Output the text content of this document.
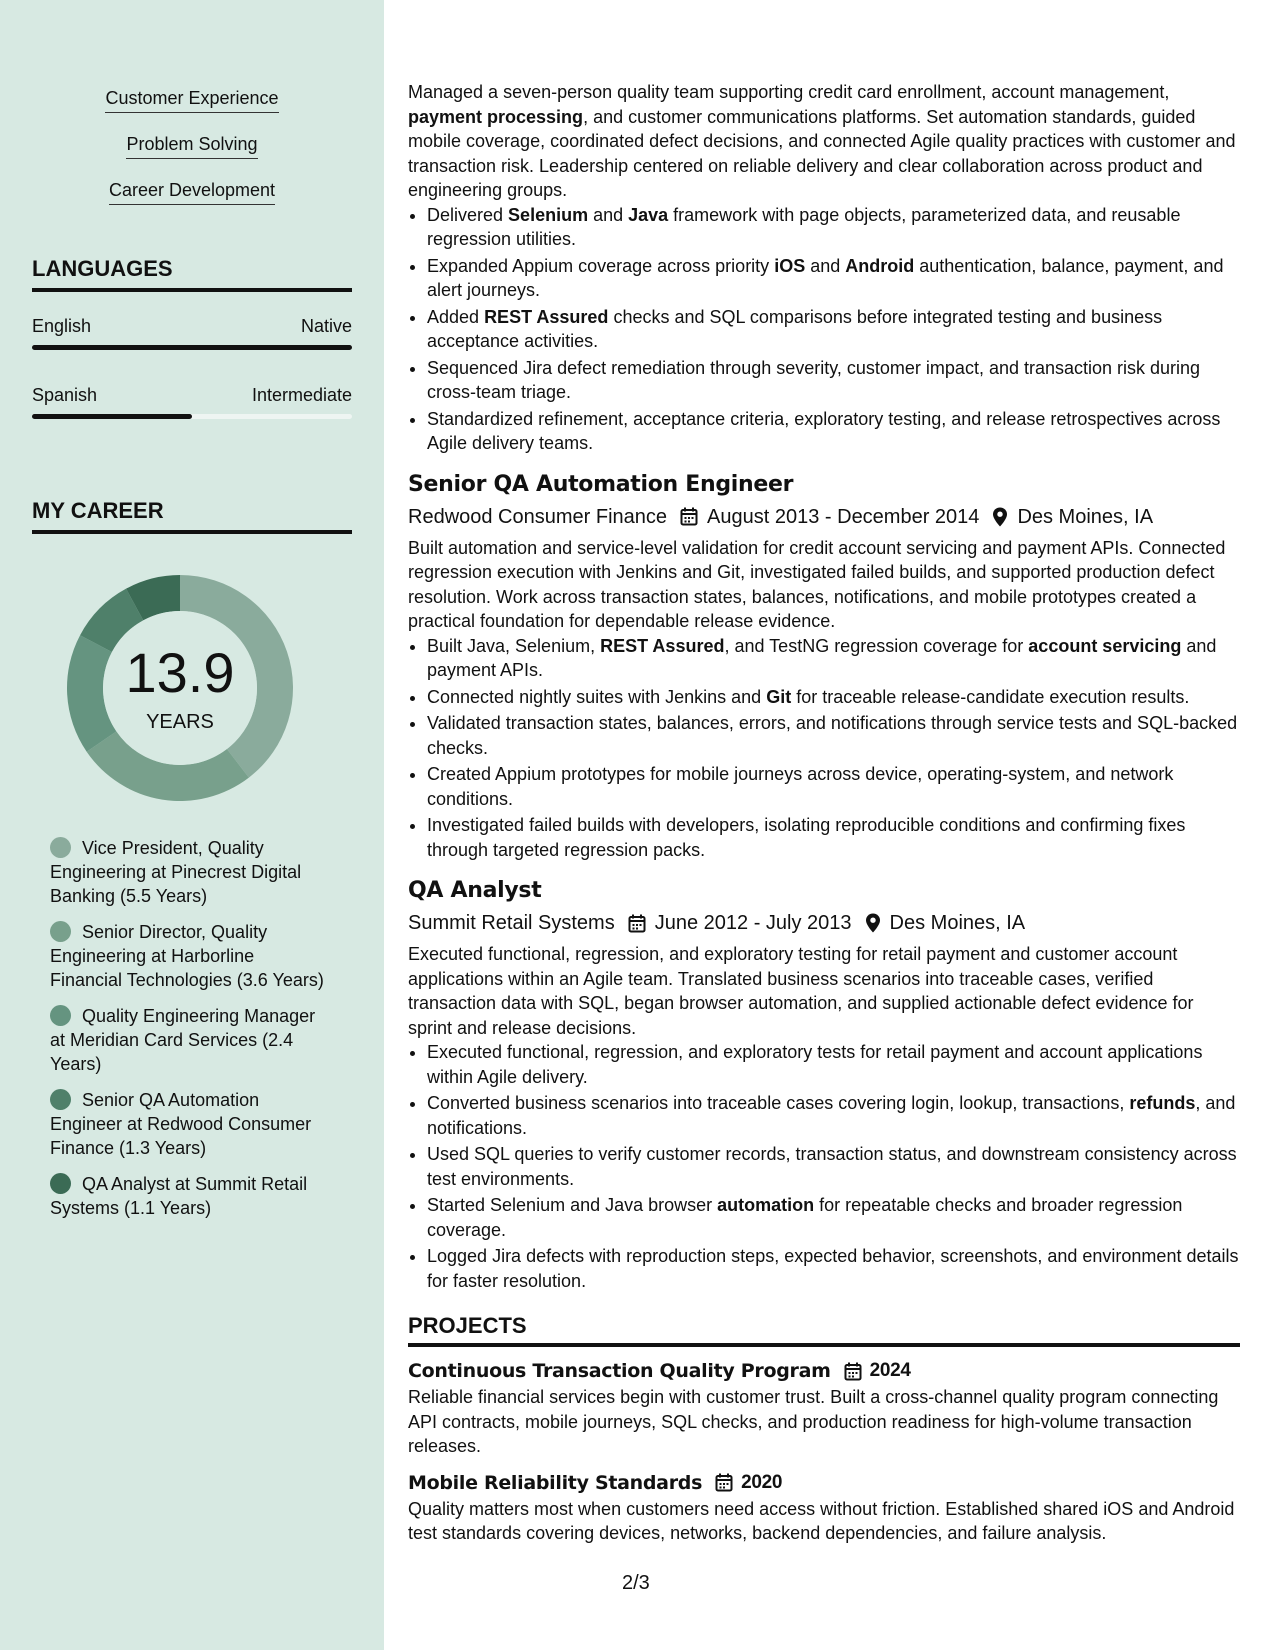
Customer Experience
Problem Solving
Career Development
LANGUAGES
English	Native
Spanish	Intermediate
MY CAREER
13.9
YEARS
Vice President, Quality Engineering at Pinecrest Digital Banking (5.5 Years)
Senior Director, Quality Engineering at Harborline Financial Technologies (3.6 Years)
Quality Engineering Manager at Meridian Card Services (2.4 Years)
Senior QA Automation Engineer at Redwood Consumer Finance (1.3 Years)
QA Analyst at Summit Retail Systems (1.1 Years)
Managed a seven-person quality team supporting credit card enrollment, account management, payment processing, and customer communications platforms. Set automation standards, guided mobile coverage, coordinated defect decisions, and connected Agile quality practices with customer and transaction risk. Leadership centered on reliable delivery and clear collaboration across product and engineering groups.
• Delivered Selenium and Java framework with page objects, parameterized data, and reusable regression utilities.
• Expanded Appium coverage across priority iOS and Android authentication, balance, payment, and alert journeys.
• Added REST Assured checks and SQL comparisons before integrated testing and business acceptance activities.
• Sequenced Jira defect remediation through severity, customer impact, and transaction risk during cross-team triage.
• Standardized refinement, acceptance criteria, exploratory testing, and release retrospectives across Agile delivery teams.
Senior QA Automation Engineer
Redwood Consumer Finance August 2013 - December 2014 Des Moines, IA
Built automation and service-level validation for credit account servicing and payment APIs. Connected regression execution with Jenkins and Git, investigated failed builds, and supported production defect resolution. Work across transaction states, balances, notifications, and mobile prototypes created a practical foundation for dependable release evidence.
• Built Java, Selenium, REST Assured, and TestNG regression coverage for account servicing and payment APIs.
• Connected nightly suites with Jenkins and Git for traceable release-candidate execution results.
• Validated transaction states, balances, errors, and notifications through service tests and SQL-backed checks.
• Created Appium prototypes for mobile journeys across device, operating-system, and network conditions.
• Investigated failed builds with developers, isolating reproducible conditions and confirming fixes through targeted regression packs.
QA Analyst
Summit Retail Systems June 2012 - July 2013 Des Moines, IA
Executed functional, regression, and exploratory testing for retail payment and customer account applications within an Agile team. Translated business scenarios into traceable cases, verified transaction data with SQL, began browser automation, and supplied actionable defect evidence for sprint and release decisions.
• Executed functional, regression, and exploratory tests for retail payment and account applications within Agile delivery.
• Converted business scenarios into traceable cases covering login, lookup, transactions, refunds, and notifications.
• Used SQL queries to verify customer records, transaction status, and downstream consistency across test environments.
• Started Selenium and Java browser automation for repeatable checks and broader regression coverage.
• Logged Jira defects with reproduction steps, expected behavior, screenshots, and environment details for faster resolution.
PROJECTS
Continuous Transaction Quality Program 2024
Reliable financial services begin with customer trust. Built a cross-channel quality program connecting API contracts, mobile journeys, SQL checks, and production readiness for high-volume transaction releases.
Mobile Reliability Standards 2020
Quality matters most when customers need access without friction. Established shared iOS and Android test standards covering devices, networks, backend dependencies, and failure analysis.
2/3
